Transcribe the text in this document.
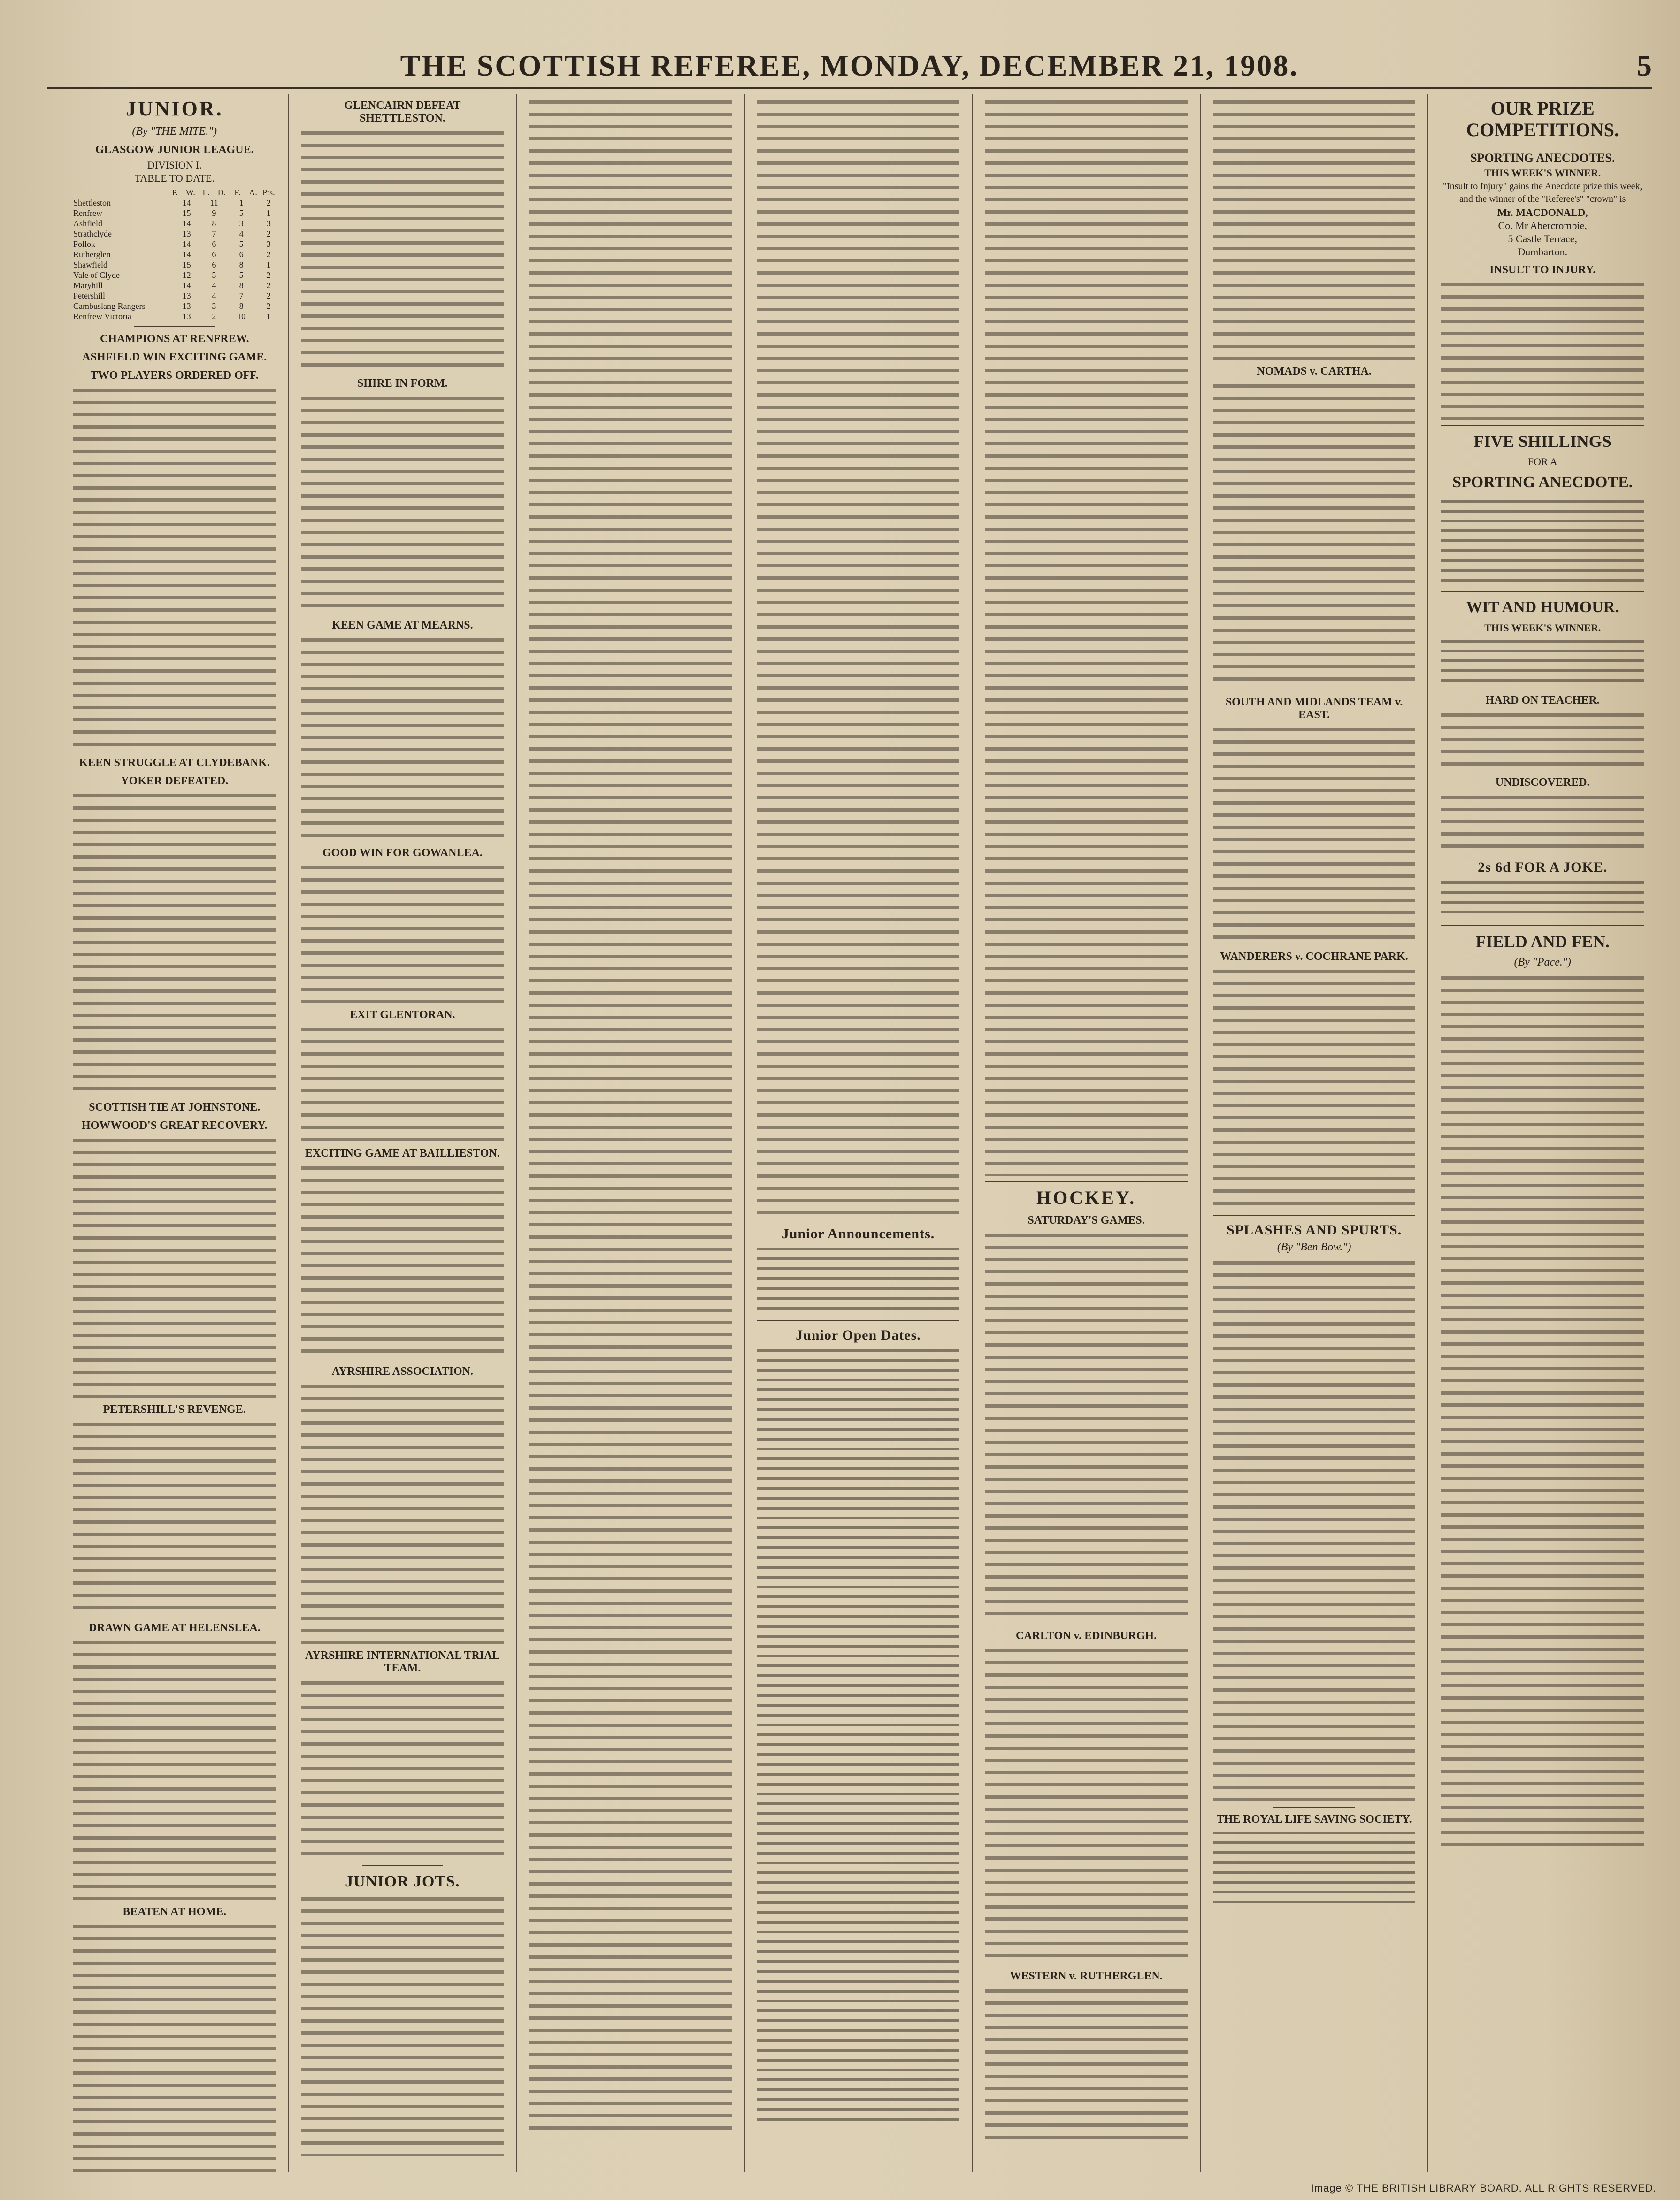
THE SCOTTISH REFEREE, MONDAY, DECEMBER 21, 1908.	5
JUNIOR.
(By "THE MITE.")
GLASGOW JUNIOR LEAGUE.
DIVISION I.
TABLE TO DATE.
P. W. L. D.	F. A. Pts.
Shettleston	14	11	1	2
Renfrew	15	9	5	1
Ashfield	14	8	3	3
Strathclyde	13	7	4	2
Pollok	14	6	5	3
Rutherglen	14	6	6	2
Shawfield	15	6	8	1
Vale of Clyde	12	5	5	2
Maryhill	14	4	8	2
Petershill	13	4	7	2
Cambuslang Rangers	13	3	8	2
Renfrew Victoria	13	2	10	1
CHAMPIONS AT RENFREW.
ASHFIELD WIN EXCITING GAME.
TWO PLAYERS ORDERED OFF.
KEEN STRUGGLE AT CLYDEBANK.
YOKER DEFEATED.
SCOTTISH TIE AT JOHNSTONE.
HOWWOOD'S GREAT RECOVERY.
PETERSHILL'S REVENGE.
DRAWN GAME AT HELENSLEA.
BEATEN AT HOME.
GLENCAIRN DEFEAT SHETTLESTON.
SHIRE IN FORM.
KEEN GAME AT MEARNS.
GOOD WIN FOR GOWANLEA.
EXIT GLENTORAN.
EXCITING GAME AT BAILLIESTON.
AYRSHIRE ASSOCIATION.
AYRSHIRE INTERNATIONAL TRIAL TEAM.
JUNIOR JOTS.
Junior Announcements.
Junior Open Dates.
HOCKEY.
SATURDAY'S GAMES.
CARLTON v. EDINBURGH.
WESTERN v. RUTHERGLEN.
NOMADS v. CARTHA.
SOUTH AND MIDLANDS TEAM v. EAST.
WANDERERS v. COCHRANE PARK.
SPLASHES AND SPURTS.
(By "Ben Bow.")
THE ROYAL LIFE SAVING SOCIETY.
OUR PRIZE COMPETITIONS.
SPORTING ANECDOTES.
THIS WEEK'S WINNER.
"Insult to Injury" gains the Anecdote prize this week, and the winner of the "Referee's" "crown" is
Mr. MACDONALD,
Co. Mr Abercrombie,
5 Castle Terrace,
Dumbarton.
INSULT TO INJURY.
FIVE SHILLINGS
FOR A
SPORTING ANECDOTE.
WIT AND HUMOUR.
THIS WEEK'S WINNER.
HARD ON TEACHER.
UNDISCOVERED.
2s 6d FOR A JOKE.
FIELD AND FEN.
(By "Pace.")
Image © THE BRITISH LIBRARY BOARD. ALL RIGHTS RESERVED.
